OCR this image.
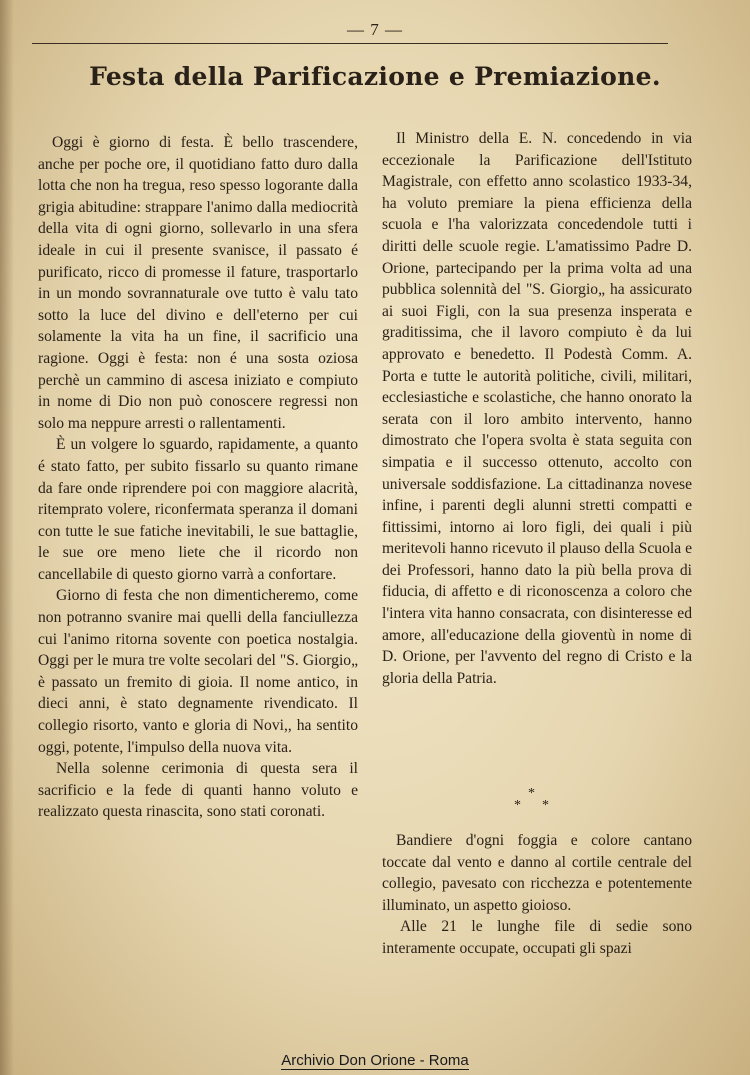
— 7 —
Festa della Parificazione e Premiazione.

Oggi è giorno di festa. È bello trascendere, anche per poche ore, il quotidiano fatto duro dalla lotta che non ha tregua, reso spesso logorante dalla grigia abitudine: strappare l'animo dalla mediocrità della vita di ogni giorno, sollevarlo in una sfera ideale in cui il presente svanisce, il passato é purificato, ricco di promesse il fature, trasportarlo in un mondo sovrannaturale ove tutto è valu tato sotto la luce del divino e dell'eterno per cui solamente la vita ha un fine, il sacrificio una ragione. Oggi è festa: non é una sosta oziosa perchè un cammino di ascesa iniziato e compiuto in nome di Dio non può conoscere regressi non solo ma neppure arresti o rallentamenti.

È un volgere lo sguardo, rapidamente, a quanto é stato fatto, per subito fissarlo su quanto rimane da fare onde riprendere poi con maggiore alacrità, ritemprato volere, riconfermata speranza il domani con tutte le sue fatiche inevitabili, le sue battaglie, le sue ore meno liete che il ricordo non cancellabile di questo giorno varrà a confortare.

Giorno di festa che non dimenticheremo, come non potranno svanire mai quelli della fanciullezza cui l'animo ritorna sovente con poetica nostalgia. Oggi per le mura tre volte secolari del "S. Giorgio„ è passato un fremito di gioia. Il nome antico, in dieci anni, è stato degnamente rivendicato. Il collegio risorto, vanto e gloria di Novi,, ha sentito oggi, potente, l'impulso della nuova vita.

Nella solenne cerimonia di questa sera il sacrificio e la fede di quanti hanno voluto e realizzato questa rinascita, sono stati coronati.

Il Ministro della E. N. concedendo in via eccezionale la Parificazione dell'Istituto Magistrale, con effetto anno scolastico 1933-34, ha voluto premiare la piena efficienza della scuola e l'ha valorizzata concedendole tutti i diritti delle scuole regie. L'amatissimo Padre D. Orione, partecipando per la prima volta ad una pubblica solennità del "S. Giorgio„ ha assicurato ai suoi Figli, con la sua presenza insperata e graditissima, che il lavoro compiuto è da lui approvato e benedetto. Il Podestà Comm. A. Porta e tutte le autorità politiche, civili, militari, ecclesiastiche e scolastiche, che hanno onorato la serata con il loro ambito intervento, hanno dimostrato che l'opera svolta è stata seguita con simpatia e il successo ottenuto, accolto con universale soddisfazione. La cittadinanza novese infine, i parenti degli alunni stretti compatti e fittissimi, intorno ai loro figli, dei quali i più meritevoli hanno ricevuto il plauso della Scuola e dei Professori, hanno dato la più bella prova di fiducia, di affetto e di riconoscenza a coloro che l'intera vita hanno consacrata, con disinteresse ed amore, all'educazione della gioventù in nome di D. Orione, per l'avvento del regno di Cristo e la gloria della Patria.

*
* *

Bandiere d'ogni foggia e colore cantano toccate dal vento e danno al cortile centrale del collegio, pavesato con ricchezza e potentemente illuminato, un aspetto gioioso.

Alle 21 le lunghe file di sedie sono interamente occupate, occupati gli spazi

Archivio Don Orione - Roma
